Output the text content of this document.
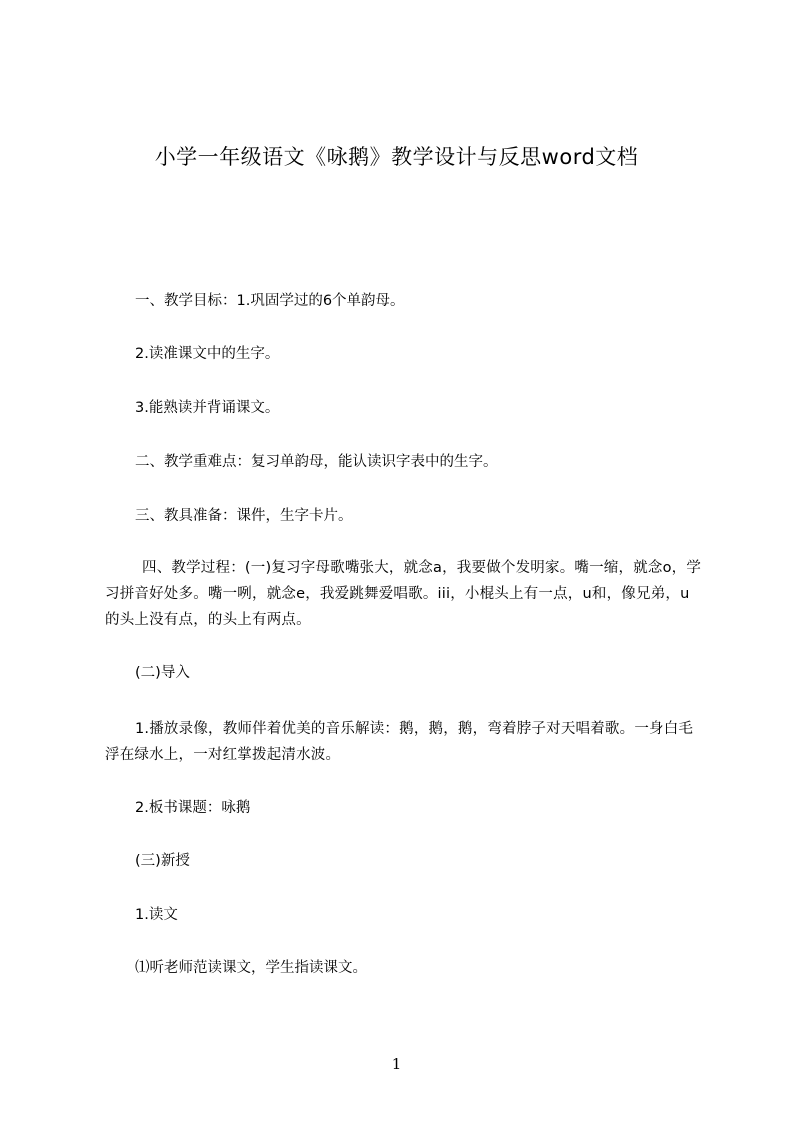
小学一年级语文《咏鹅》教学设计与反思word文档
一、教学目标：1.巩固学过的6个单韵母。
2.读准课文中的生字。
3.能熟读并背诵课文。
二、教学重难点：复习单韵母，能认读识字表中的生字。
三、教具准备：课件，生字卡片。
四、教学过程：(一)复习字母歌嘴张大，就念a，我要做个发明家。嘴一缩，就念o，学习拼音好处多。嘴一咧，就念e，我爱跳舞爱唱歌。iii，小棍头上有一点，u和，像兄弟，u的头上没有点，的头上有两点。
(二)导入
1.播放录像，教师伴着优美的音乐解读：鹅，鹅，鹅，弯着脖子对天唱着歌。一身白毛浮在绿水上，一对红掌拨起清水波。
2.板书课题：咏鹅
(三)新授
1.读文
⑴听老师范读课文，学生指读课文。
1
